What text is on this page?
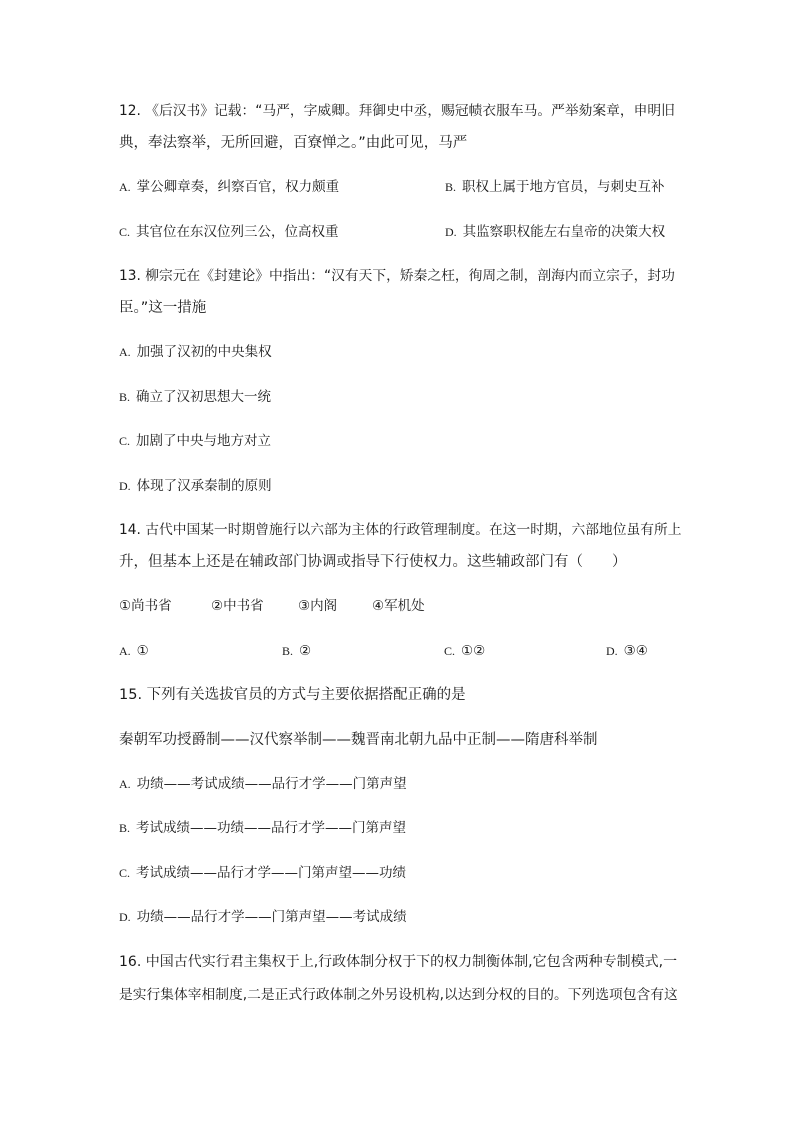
12. 《后汉书》记载：“马严，字威卿。拜御史中丞，赐冠帻衣服车马。严举劾案章，申明旧
典，奉法察举，无所回避，百寮惮之。”由此可见，马严
A. 掌公卿章奏，纠察百官，权力颇重	B. 职权上属于地方官员，与刺史互补
C. 其官位在东汉位列三公，位高权重	D. 其监察职权能左右皇帝的决策大权
13. 柳宗元在《封建论》中指出：“汉有天下，矫秦之枉，徇周之制，剖海内而立宗子，封功
臣。”这一措施
A. 加强了汉初的中央集权
B. 确立了汉初思想大一统
C. 加剧了中央与地方对立
D. 体现了汉承秦制的原则
14. 古代中国某一时期曾施行以六部为主体的行政管理制度。在这一时期，六部地位虽有所上
升，但基本上还是在辅政部门协调或指导下行使权力。这些辅政部门有（　　）
①尚书省	②中书省	③内阁	④军机处
A. ①	B. ②	C. ①②	D. ③④
15. 下列有关选拔官员的方式与主要依据搭配正确的是
秦朝军功授爵制——汉代察举制——魏晋南北朝九品中正制——隋唐科举制
A. 功绩——考试成绩——品行才学——门第声望
B. 考试成绩——功绩——品行才学——门第声望
C. 考试成绩——品行才学——门第声望——功绩
D. 功绩——品行才学——门第声望——考试成绩
16. 中国古代实行君主集权于上,行政体制分权于下的权力制衡体制,它包含两种专制模式,一
是实行集体宰相制度,二是正式行政体制之外另设机构,以达到分权的目的。下列选项包含有这
